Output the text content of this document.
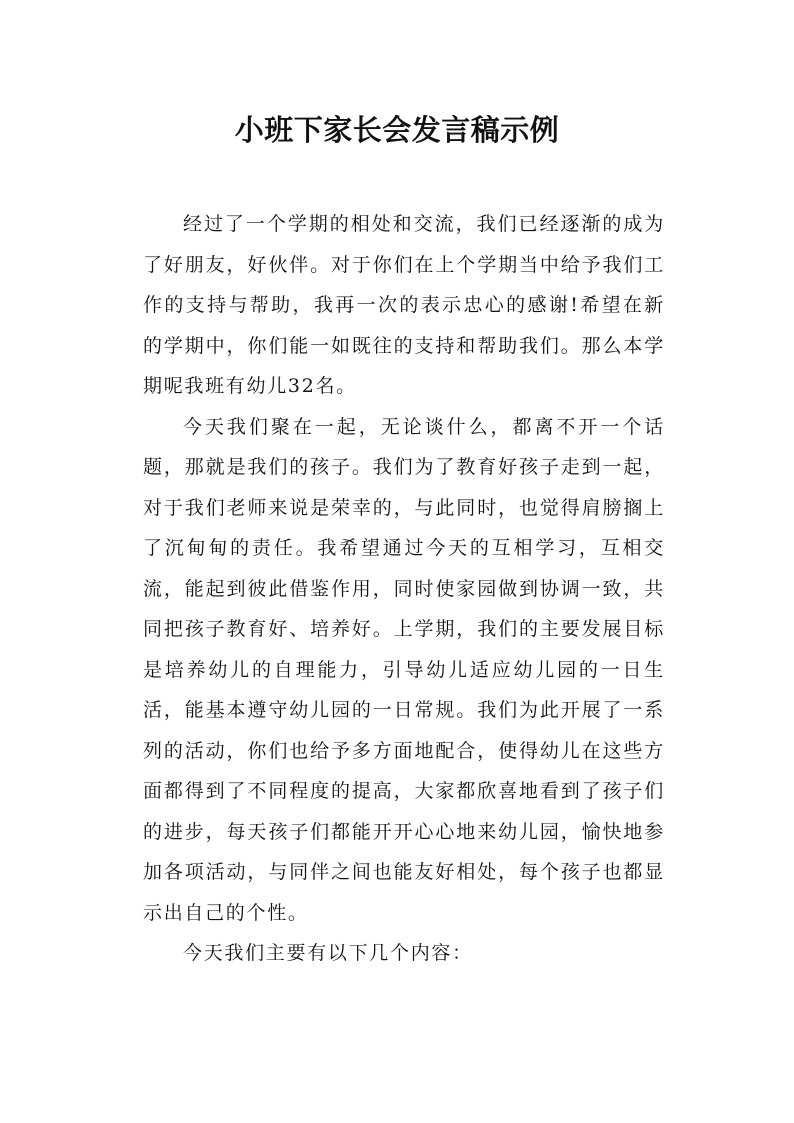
小班下家长会发言稿示例

经过了一个学期的相处和交流，我们已经逐渐的成为了好朋友，好伙伴。对于你们在上个学期当中给予我们工作的支持与帮助，我再一次的表示忠心的感谢!希望在新的学期中，你们能一如既往的支持和帮助我们。那么本学期呢我班有幼儿32名。

今天我们聚在一起，无论谈什么，都离不开一个话题，那就是我们的孩子。我们为了教育好孩子走到一起，对于我们老师来说是荣幸的，与此同时，也觉得肩膀搁上了沉甸甸的责任。我希望通过今天的互相学习，互相交流，能起到彼此借鉴作用，同时使家园做到协调一致，共同把孩子教育好、培养好。上学期，我们的主要发展目标是培养幼儿的自理能力，引导幼儿适应幼儿园的一日生活，能基本遵守幼儿园的一日常规。我们为此开展了一系列的活动，你们也给予多方面地配合，使得幼儿在这些方面都得到了不同程度的提高，大家都欣喜地看到了孩子们的进步，每天孩子们都能开开心心地来幼儿园，愉快地参加各项活动，与同伴之间也能友好相处，每个孩子也都显示出自己的个性。

今天我们主要有以下几个内容：
